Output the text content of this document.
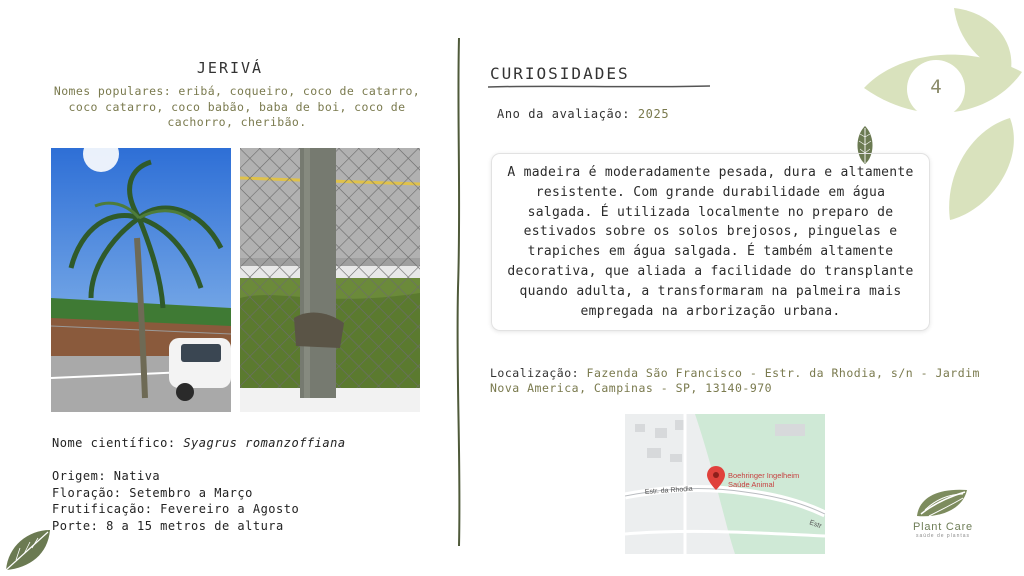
4
JERIVÁ
Nomes populares: eribá, coqueiro, coco de catarro, coco catarro, coco babão, baba de boi, coco de cachorro, cheribão.
Nome científico: Syagrus romanzoffiana
Origem: Nativa
Floração: Setembro a Março
Frutificação: Fevereiro a Agosto
Porte: 8 a 15 metros de altura
CURIOSIDADES
Ano da avaliação: 2025
A madeira é moderadamente pesada, dura e altamente resistente. Com grande durabilidade em água salgada. É utilizada localmente no preparo de estivados sobre os solos brejosos, pinguelas e trapiches em água salgada. É também altamente decorativa, que aliada a facilidade do transplante quando adulta, a transformaram na palmeira mais empregada na arborização urbana.
Localização: Fazenda São Francisco - Estr. da Rhodia, s/n - Jardim Nova America, Campinas - SP, 13140-970
Boehringer Ingelheim
Saúde Animal
Estr. da Rhodia
Estr	Plant Care
saúde de plantas
